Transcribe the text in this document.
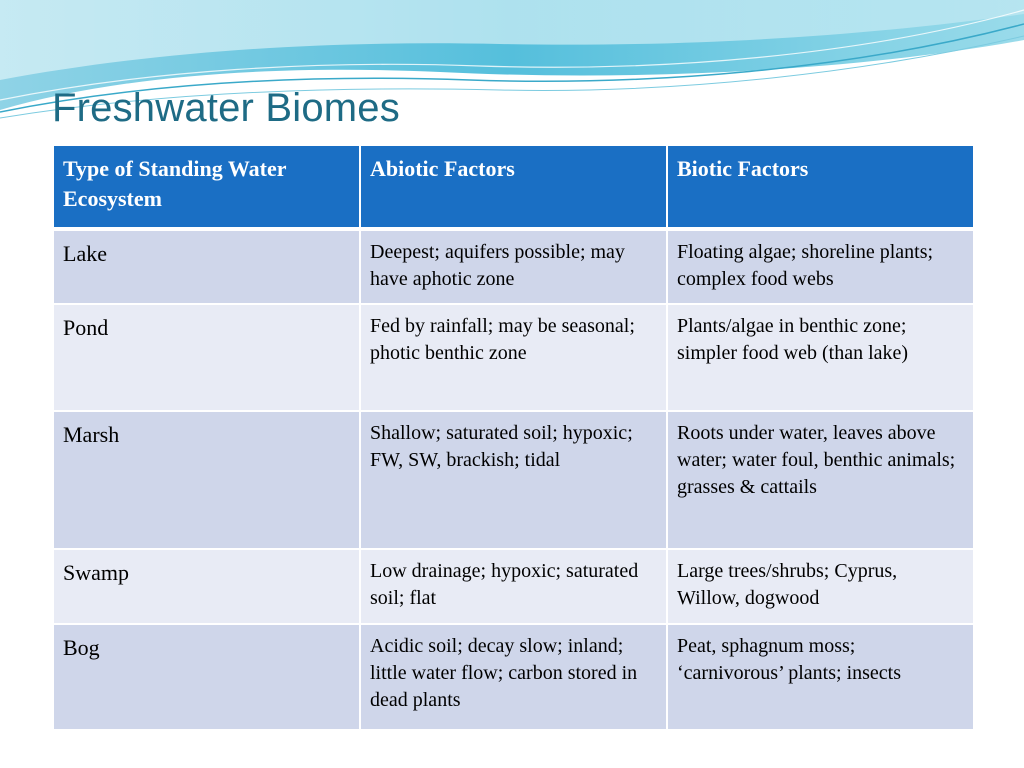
Freshwater Biomes
Type of Standing Water Ecosystem	Abiotic Factors	Biotic Factors
Lake	Deepest; aquifers possible; may have aphotic zone	Floating algae; shoreline plants; complex food webs
Pond	Fed by rainfall; may be seasonal; photic benthic zone	Plants/algae in benthic zone; simpler food web (than lake)
Marsh	Shallow; saturated soil; hypoxic; FW, SW, brackish; tidal	Roots under water, leaves above water; water foul, benthic animals; grasses & cattails
Swamp	Low drainage; hypoxic; saturated soil; flat	Large trees/shrubs; Cyprus, Willow, dogwood
Bog	Acidic soil; decay slow; inland; little water flow; carbon stored in dead plants	Peat, sphagnum moss; ‘carnivorous’ plants; insects
